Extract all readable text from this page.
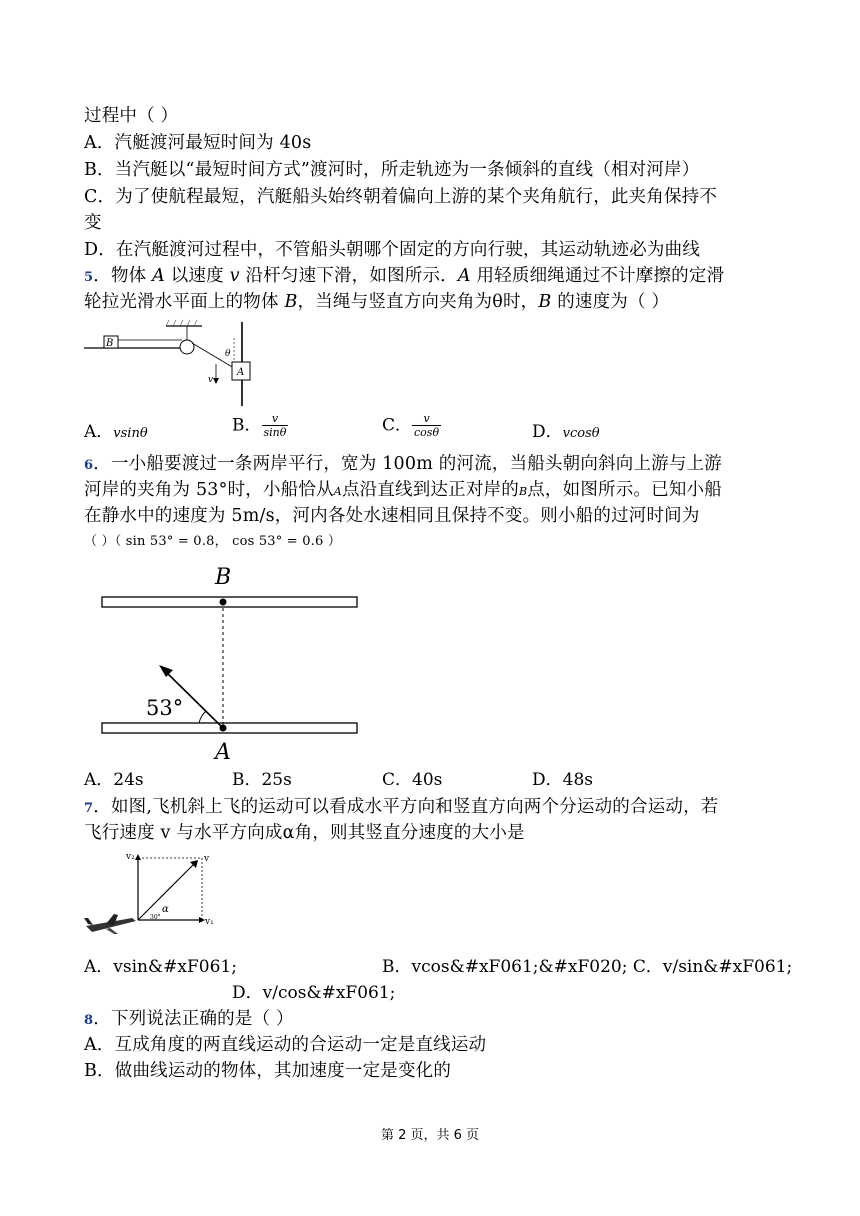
过程中（ ）
A．汽艇渡河最短时间为 40s
B．当汽艇以“最短时间方式”渡河时，所走轨迹为一条倾斜的直线（相对河岸）
C．为了使航程最短，汽艇船头始终朝着偏向上游的某个夹角航行，此夹角保持不
变
D．在汽艇渡河过程中，不管船头朝哪个固定的方向行驶，其运动轨迹必为曲线
5．物体 A 以速度 v 沿杆匀速下滑，如图所示．A 用轻质细绳通过不计摩擦的定滑
轮拉光滑水平面上的物体 B，当绳与竖直方向夹角为θ时，B 的速度为（ ）
B
θ
A
v
A．vsinθ	B． $\frac{v}{\sin\theta}$	C． $\frac{v}{\cos\theta}$	D．vcosθ
6．一小船要渡过一条两岸平行，宽为 100m 的河流，当船头朝向斜向上游与上游
河岸的夹角为 53°时，小船恰从A点沿直线到达正对岸的B点，如图所示。已知小船
在静水中的速度为 5m/s，河内各处水速相同且保持不变。则小船的过河时间为
（ ）（ sin 53° = 0.8， cos 53° = 0.6 ）
B
53°
A
A．24s	B．25s	C．40s	D．48s
7．如图,飞机斜上飞的运动可以看成水平方向和竖直方向两个分运动的合运动，若
飞行速度 v 与水平方向成α角，则其竖直分速度的大小是
v₂	v
v₁
α
30°
A．vsin&#xF061;	B．vcos&#xF061;&#xF020; C．v/sin&#xF061;
D．v/cos&#xF061;
8．下列说法正确的是（ ）
A．互成角度的两直线运动的合运动一定是直线运动
B．做曲线运动的物体，其加速度一定是变化的
第 2 页，共 6 页
